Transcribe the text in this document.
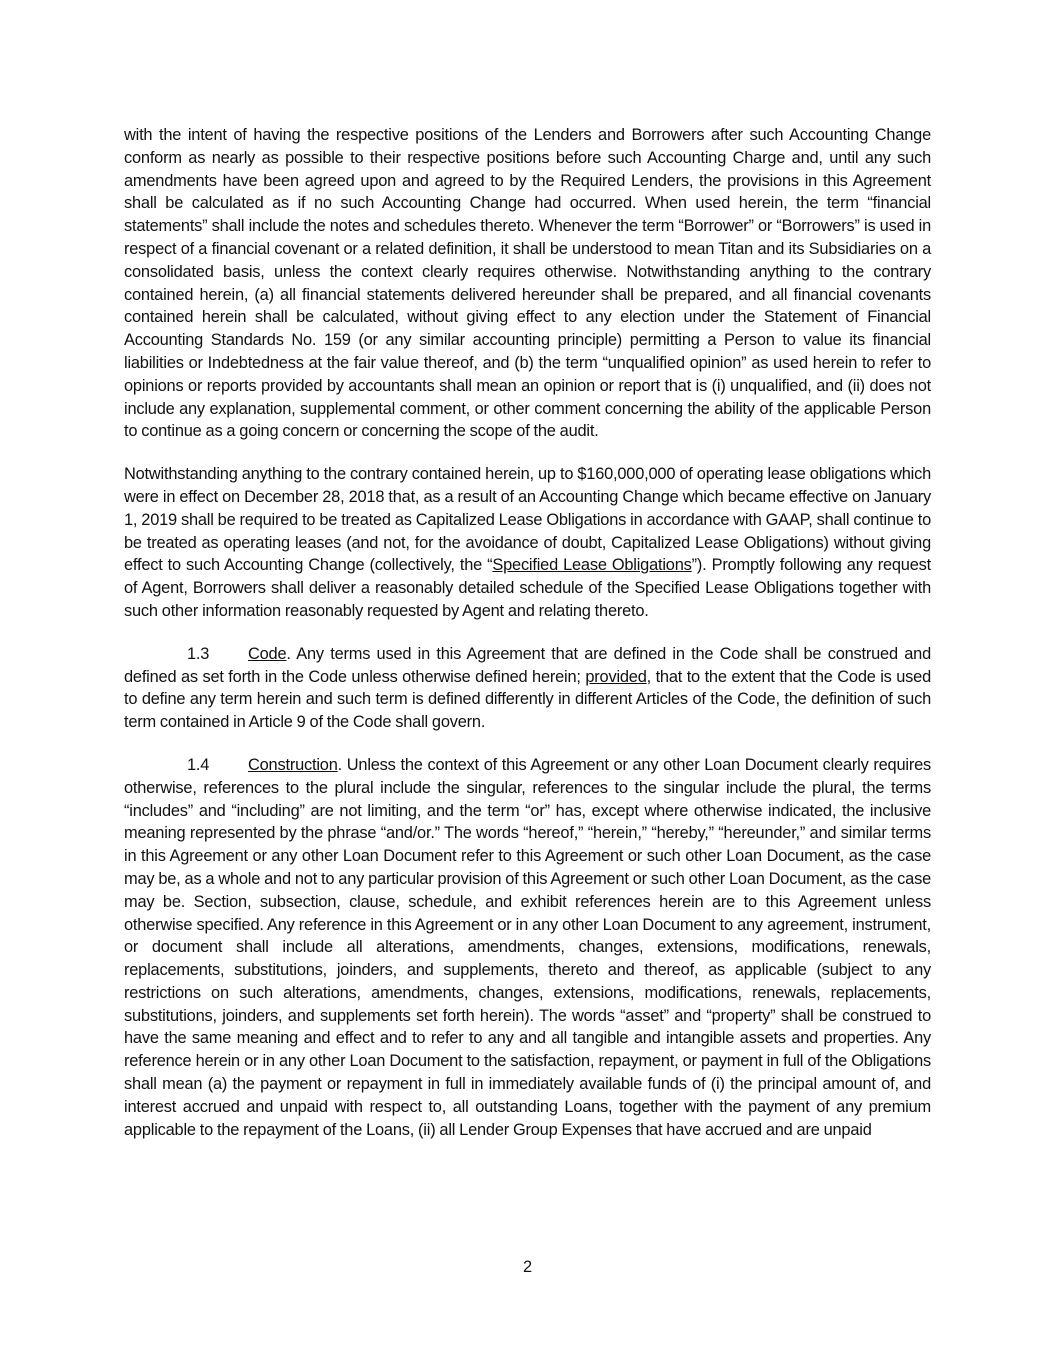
with the intent of having the respective positions of the Lenders and Borrowers after such Accounting Change conform as nearly as possible to their respective positions before such Accounting Charge and, until any such amendments have been agreed upon and agreed to by the Required Lenders, the provisions in this Agreement shall be calculated as if no such Accounting Change had occurred. When used herein, the term “financial statements” shall include the notes and schedules thereto. Whenever the term “Borrower” or “Borrowers” is used in respect of a financial covenant or a related definition, it shall be understood to mean Titan and its Subsidiaries on a consolidated basis, unless the context clearly requires otherwise. Notwithstanding anything to the contrary contained herein, (a) all financial statements delivered hereunder shall be prepared, and all financial covenants contained herein shall be calculated, without giving effect to any election under the Statement of Financial Accounting Standards No. 159 (or any similar accounting principle) permitting a Person to value its financial liabilities or Indebtedness at the fair value thereof, and (b) the term “unqualified opinion” as used herein to refer to opinions or reports provided by accountants shall mean an opinion or report that is (i) unqualified, and (ii) does not include any explanation, supplemental comment, or other comment concerning the ability of the applicable Person to continue as a going concern or concerning the scope of the audit.

Notwithstanding anything to the contrary contained herein, up to $160,000,000 of operating lease obligations which were in effect on December 28, 2018 that, as a result of an Accounting Change which became effective on January 1, 2019 shall be required to be treated as Capitalized Lease Obligations in accordance with GAAP, shall continue to be treated as operating leases (and not, for the avoidance of doubt, Capitalized Lease Obligations) without giving effect to such Accounting Change (collectively, the “Specified Lease Obligations”). Promptly following any request of Agent, Borrowers shall deliver a reasonably detailed schedule of the Specified Lease Obligations together with such other information reasonably requested by Agent and relating thereto.

1.3 Code. Any terms used in this Agreement that are defined in the Code shall be construed and defined as set forth in the Code unless otherwise defined herein; provided, that to the extent that the Code is used to define any term herein and such term is defined differently in different Articles of the Code, the definition of such term contained in Article 9 of the Code shall govern.

1.4 Construction. Unless the context of this Agreement or any other Loan Document clearly requires otherwise, references to the plural include the singular, references to the singular include the plural, the terms “includes” and “including” are not limiting, and the term “or” has, except where otherwise indicated, the inclusive meaning represented by the phrase “and/or.” The words “hereof,” “herein,” “hereby,” “hereunder,” and similar terms in this Agreement or any other Loan Document refer to this Agreement or such other Loan Document, as the case may be, as a whole and not to any particular provision of this Agreement or such other Loan Document, as the case may be. Section, subsection, clause, schedule, and exhibit references herein are to this Agreement unless otherwise specified. Any reference in this Agreement or in any other Loan Document to any agreement, instrument, or document shall include all alterations, amendments, changes, extensions, modifications, renewals, replacements, substitutions, joinders, and supplements, thereto and thereof, as applicable (subject to any restrictions on such alterations, amendments, changes, extensions, modifications, renewals, replacements, substitutions, joinders, and supplements set forth herein). The words “asset” and “property” shall be construed to have the same meaning and effect and to refer to any and all tangible and intangible assets and properties. Any reference herein or in any other Loan Document to the satisfaction, repayment, or payment in full of the Obligations shall mean (a) the payment or repayment in full in immediately available funds of (i) the principal amount of, and interest accrued and unpaid with respect to, all outstanding Loans, together with the payment of any premium applicable to the repayment of the Loans, (ii) all Lender Group Expenses that have accrued and are unpaid

2
